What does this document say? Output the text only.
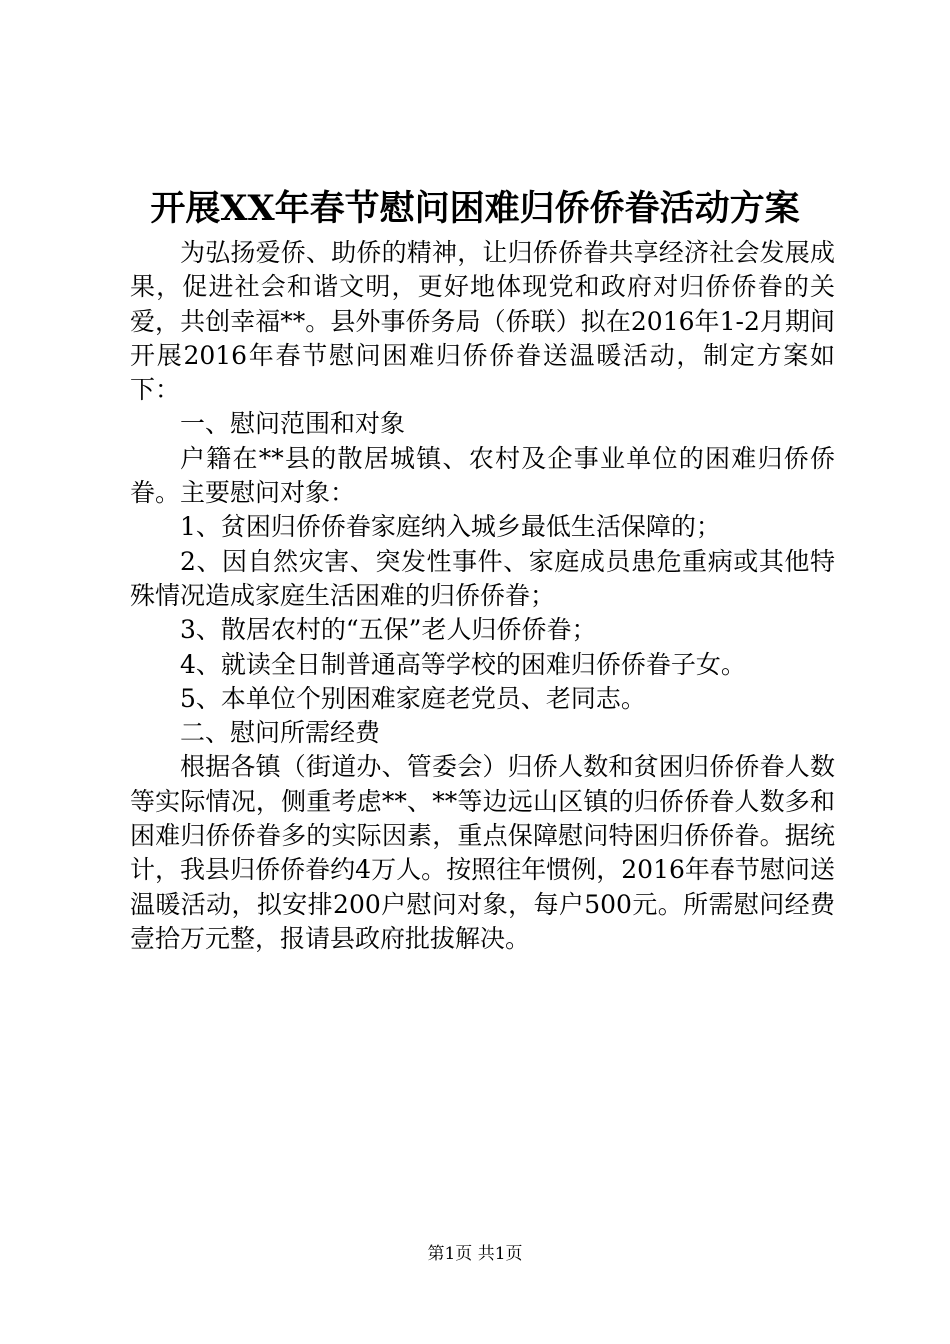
开展XX年春节慰问困难归侨侨眷活动方案

为弘扬爱侨、助侨的精神，让归侨侨眷共享经济社会发展成果，促进社会和谐文明，更好地体现党和政府对归侨侨眷的关爱，共创幸福**。县外事侨务局（侨联）拟在2016年1-2月期间开展2016年春节慰问困难归侨侨眷送温暖活动，制定方案如下：

一、慰问范围和对象

户籍在**县的散居城镇、农村及企事业单位的困难归侨侨眷。主要慰问对象：

1、贫困归侨侨眷家庭纳入城乡最低生活保障的；

2、因自然灾害、突发性事件、家庭成员患危重病或其他特殊情况造成家庭生活困难的归侨侨眷；

3、散居农村的“五保”老人归侨侨眷；

4、就读全日制普通高等学校的困难归侨侨眷子女。

5、本单位个别困难家庭老党员、老同志。

二、慰问所需经费

根据各镇（街道办、管委会）归侨人数和贫困归侨侨眷人数等实际情况，侧重考虑**、**等边远山区镇的归侨侨眷人数多和困难归侨侨眷多的实际因素，重点保障慰问特困归侨侨眷。据统计，我县归侨侨眷约4万人。按照往年惯例，2016年春节慰问送温暖活动，拟安排200户慰问对象，每户500元。所需慰问经费壹拾万元整，报请县政府批拔解决。

第1页 共1页
